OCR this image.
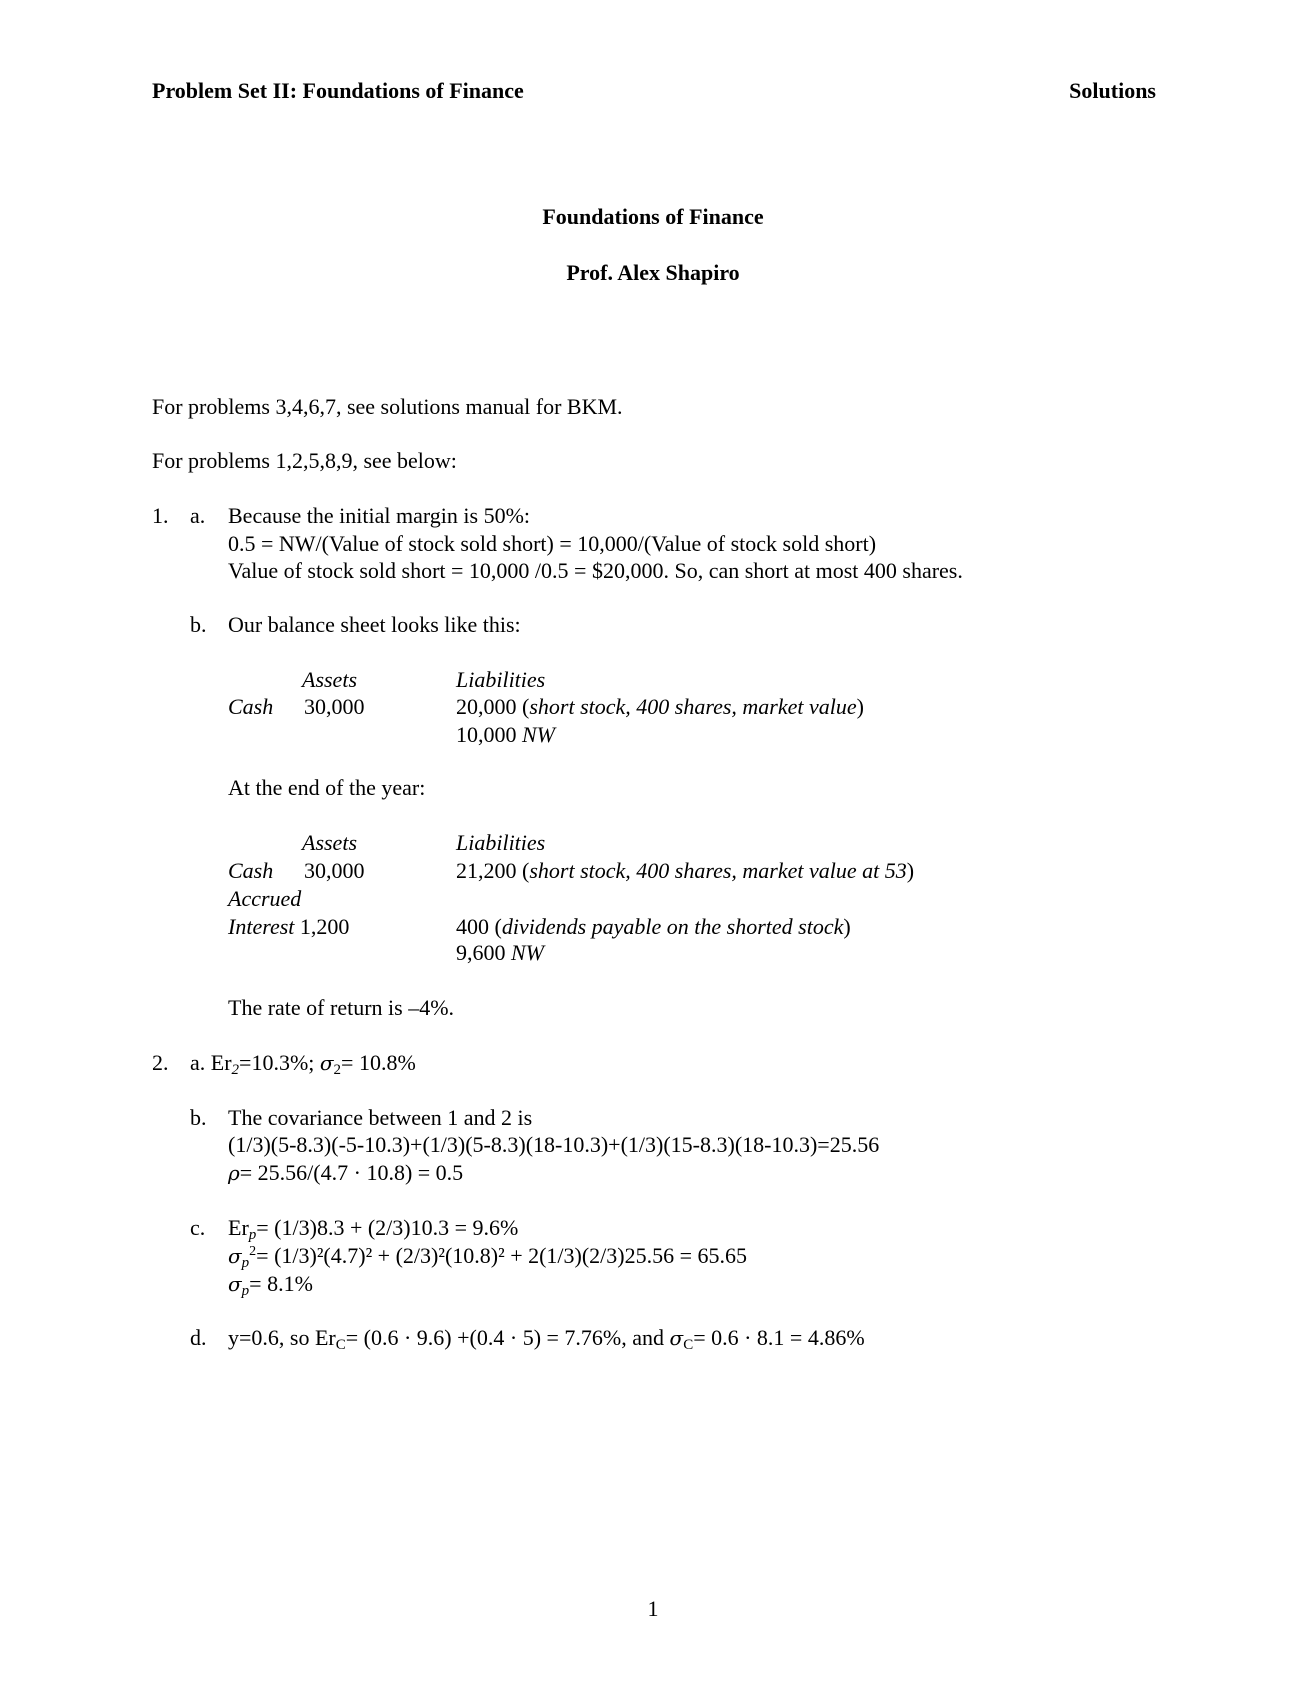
Problem Set II: Foundations of Finance	Solutions
Foundations of Finance
Prof. Alex Shapiro
For problems 3,4,6,7, see solutions manual for BKM.
For problems 1,2,5,8,9, see below:
1. a. Because the initial margin is 50%:
0.5 = NW/(Value of stock sold short) = 10,000/(Value of stock sold short)
Value of stock sold short = 10,000 /0.5 = $20,000. So, can short at most 400 shares.
b. Our balance sheet looks like this:
Assets	Liabilities
Cash 30,000	20,000 (short stock, 400 shares, market value)
10,000 NW
At the end of the year:
Assets	Liabilities
Cash 30,000	21,200 (short stock, 400 shares, market value at 53)
Accrued
Interest 1,200	400 (dividends payable on the shorted stock)
9,600 NW
The rate of return is –4%.
2. a. $Er_2=10.3\%$; $\sigma_2= 10.8\%$
b. The covariance between 1 and 2 is
(1/3)(5-8.3)(-5-10.3)+(1/3)(5-8.3)(18-10.3)+(1/3)(15-8.3)(18-10.3)=25.56
ρ= 25.56/(4.7 · 10.8) = 0.5
c. $Er_p= (1/3)8.3 + (2/3)10.3 = 9.6\%$
$\sigma_p^2= (1/3)^2(4.7)^2 + (2/3)^2(10.8)^2 + 2(1/3)(2/3)25.56 = 65.65$
$\sigma_p= 8.1\%$
d. y=0.6, so $Er_C= (0.6 \cdot 9.6) +(0.4 \cdot 5) = 7.76\%$, and $\sigma_C= 0.6 \cdot 8.1 = 4.86\%$
1
